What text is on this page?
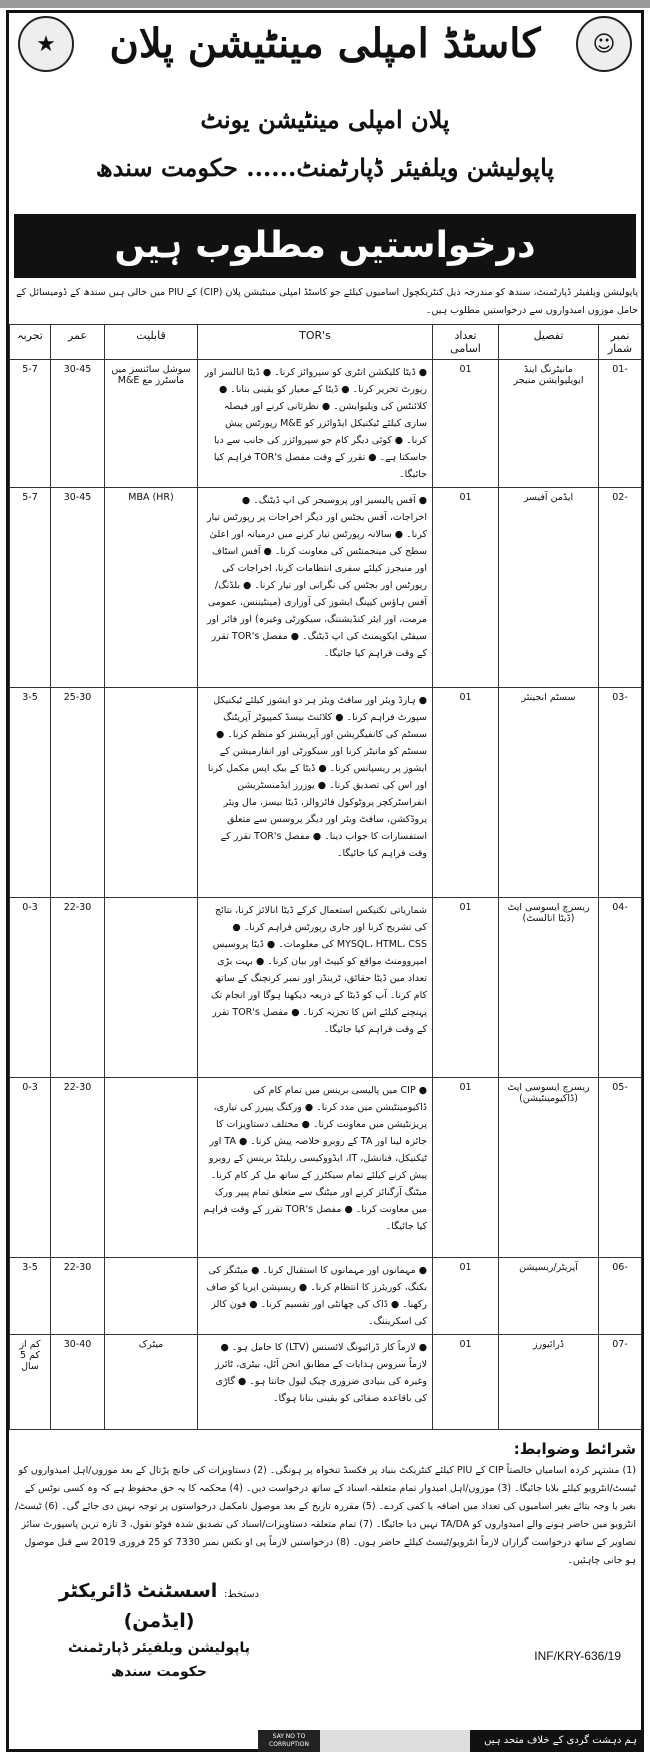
★	☺
کاسٹڈ امپلی مینٹیشن پلان
پلان امپلی مینٹیشن یونٹ
پاپولیشن ویلفیئر ڈپارٹمنٹ...... حکومت سندھ
درخواستیں مطلوب ہیں
پاپولیشن ویلفیئر ڈپارٹمنٹ، سندھ کو مندرجہ ذیل کنٹریکچول اسامیوں کیلئے جو کاسٹڈ امپلی مینٹیشن پلان (CIP) کے PIU میں خالی ہیں سندھ کے ڈومیسائل کے حامل موزوں امیدواروں سے درخواستیں مطلوب ہیں۔
نمبر شمار	تفصیل	تعداد اسامی	TOR's	قابلیت	عمر	تجربہ
-01	مانیٹرنگ اینڈ ایویلیوایشن منیجر	01	● ڈیٹا کلیکشن انٹری کو سپروائز کرنا۔ ● ڈیٹا انالسز اور رپورٹ تحریر کرنا۔ ● ڈیٹا کے معیار کو یقینی بنانا۔ ● کلائنٹس کی ویلیوایشن۔ ● نظرثانی کرنے اور فیصلہ سازی کیلئے ٹیکنیکل ایڈوائزر کو M&E رپورٹس پیش کرنا۔ ● کوئی دیگر کام جو سپروائزر کی جانب سے دیا جاسکتا ہے۔ ● تقرر کے وقت مفصل TOR's فراہم کیا جائیگا۔	سوشل سائنسز میں ماسٹرز مع M&E	30-45	5-7
-02	ایڈمن آفیسر	01	● آفس پالیسیز اور پروسیجر کی اپ ڈیٹنگ۔ ● اخراجات، آفس بجٹس اور دیگر اخراجات پر رپورٹس تیار کرنا۔ ● سالانہ رپورٹس تیار کرنے میں درمیانہ اور اعلیٰ سطح کی مینجمنٹس کی معاونت کرنا۔ ● آفس اسٹاف اور منیجرز کیلئے سفری انتظامات کرنا، اخراجات کی رپورٹس اور بجٹس کی نگرانی اور تیار کرنا۔ ● بلڈنگ/آفس ہاؤس کیپنگ ایشوز کی آوزاری (مینٹیننس، عمومی مرمت، اور ایئر کنڈیشننگ، سیکورٹی وغیرہ) اور فائر اور سیفٹی ایکوپمنٹ کی اپ ڈیٹنگ۔ ● مفصل TOR's تقرر کے وقت فراہم کیا جائیگا۔	MBA (HR)	30-45	5-7
-03	سسٹم انجینئر	01	● ہارڈ ویئر اور سافٹ ویئر ہر دو ایشوز کیلئے ٹیکنیکل سپورٹ فراہم کرنا۔ ● کلائنٹ بیسڈ کمپیوٹر آپریٹنگ سسٹم کی کانفیگریشن اور آپریشنز کو منظم کرنا۔ ● سسٹم کو مانیٹر کرنا اور سیکورٹی اور انفارمیشن کے ایشوز پر ریسپانس کرنا۔ ● ڈیٹا کے بیک اپس مکمل کرنا اور اس کی تصدیق کرنا۔ ● یوزرز ایڈمنسٹریشن انفراسٹرکچر پروٹوکول فائروالز، ڈیٹا بیسز، مال ویئر پروڈکشن، سافٹ ویئر اور دیگر پروسس سے متعلق استفسارات کا جواب دینا۔ ● مفصل TOR's تقرر کے وقت فراہم کیا جائیگا۔		25-30	3-5
-04	ریسرچ ایسوسی ایٹ (ڈیٹا انالسٹ)	01	شماریاتی تکنیکس استعمال کرکے ڈیٹا انالائز کرنا، نتائج کی تشریح کرنا اور جاری رپورٹس فراہم کرنا۔ ● MYSQL، HTML، CSS کی معلومات۔ ● ڈیٹا پروسیس امپروومنٹ مواقع کو کیپٹ اور بیان کرنا۔ ● بہت بڑی تعداد میں ڈیٹا حقائق، ٹرینڈز اور نمبر کرنچنگ کے ساتھ کام کرنا۔ آپ کو ڈیٹا کے ذریعہ دیکھنا ہوگا اور انجام تک پہنچنے کیلئے اس کا تجزیہ کرنا۔ ● مفصل TOR's تقرر کے وقت فراہم کیا جائیگا۔		22-30	0-3
-05	ریسرچ ایسوسی ایٹ (ڈاکیومینٹیشن)	01	● CIP میں پالیسی برینس میں تمام کام کی ڈاکیومینٹیشن میں مدد کرنا۔ ● ورکنگ پیپرز کی تیاری، پریزنٹیشن میں معاونت کرنا۔ ● مختلف دستاویزات کا جائزہ لینا اور TA کے روبرو خلاصہ پیش کرنا۔ ● TA اور ٹیکنیکل، فنانشل، IT، ایڈووکیسی ریلیٹڈ برینس کے روبرو پیش کرنے کیلئے تمام سیکٹرز کے ساتھ مل کر کام کرنا۔ میٹنگ آرگنائز کرنے اور میٹنگ سے متعلق تمام پیپر ورک میں معاونت کرنا۔ ● مفصل TOR's تقرر کے وقت فراہم کیا جائیگا۔		22-30	0-3
-06	آپریٹر/ریسپشن	01	● مہمانوں اور مہمانوں کا استقبال کرنا۔ ● میٹنگز کی بکنگ، کوریئرز کا انتظام کرنا۔ ● ریسپشن ایریا کو صاف رکھنا۔ ● ڈاک کی چھانٹی اور تقسیم کرنا۔ ● فون کالز کی اسکریننگ۔		22-30	3-5
-07	ڈرائیورز	01	● لازماً کار ڈرائیونگ لائسنس (LTV) کا حامل ہو۔ ● لازماً سروس ہدایات کے مطابق انجن آئل، بیٹری، ٹائرز وغیرہ کی بنیادی ضروری چیک لیول جانتا ہو۔ ● گاڑی کی باقاعدہ صفائی کو یقینی بنانا ہوگا۔	میٹرک	30-40	کم از کم 5 سال
شرائط وضوابط:

(1) مشتہر کردہ اسامیاں خالصتاً CIP کے PIU کیلئے کنٹریکٹ بنیاد پر فکسڈ تنخواہ پر ہونگی۔ (2) دستاویزات کی جانچ پڑتال کے بعد موزوں/اہل امیدواروں کو ٹیسٹ/انٹرویو کیلئے بلایا جائیگا۔ (3) موزوں/اہل امیدوار تمام متعلقہ اسناد کے ساتھ درخواست دیں۔ (4) محکمہ کا یہ حق محفوظ ہے کہ وہ کسی نوٹس کے بغیر یا وجہ بتائے بغیر اسامیوں کی تعداد میں اضافہ یا کمی کردے۔ (5) مقررہ تاریخ کے بعد موصول نامکمل درخواستوں پر توجہ نہیں دی جائے گی۔ (6) ٹیسٹ/انٹرویو میں حاضر ہونے والے امیدواروں کو TA/DA نہیں دیا جائیگا۔ (7) تمام متعلقہ دستاویزات/اسناد کی تصدیق شدہ فوٹو نقول، 3 تازہ ترین پاسپورٹ سائز تصاویر کے ساتھ درخواست گزاران لازماً انٹرویو/ٹیسٹ کیلئے حاضر ہوں۔ (8) درخواستیں لازماً پی او بکس نمبر 7330 کو 25 فروری 2019 سے قبل موصول ہو جانی چاہئیں۔

دستخط: اسسٹنٹ ڈائریکٹر (ایڈمن)
پاپولیشن ویلفیئر ڈپارٹمنٹ
حکومت سندھ
INF/KRY-636/19
SAY NO TO CORRUPTION	ہم دہشت گردی کے خلاف متحد ہیں
